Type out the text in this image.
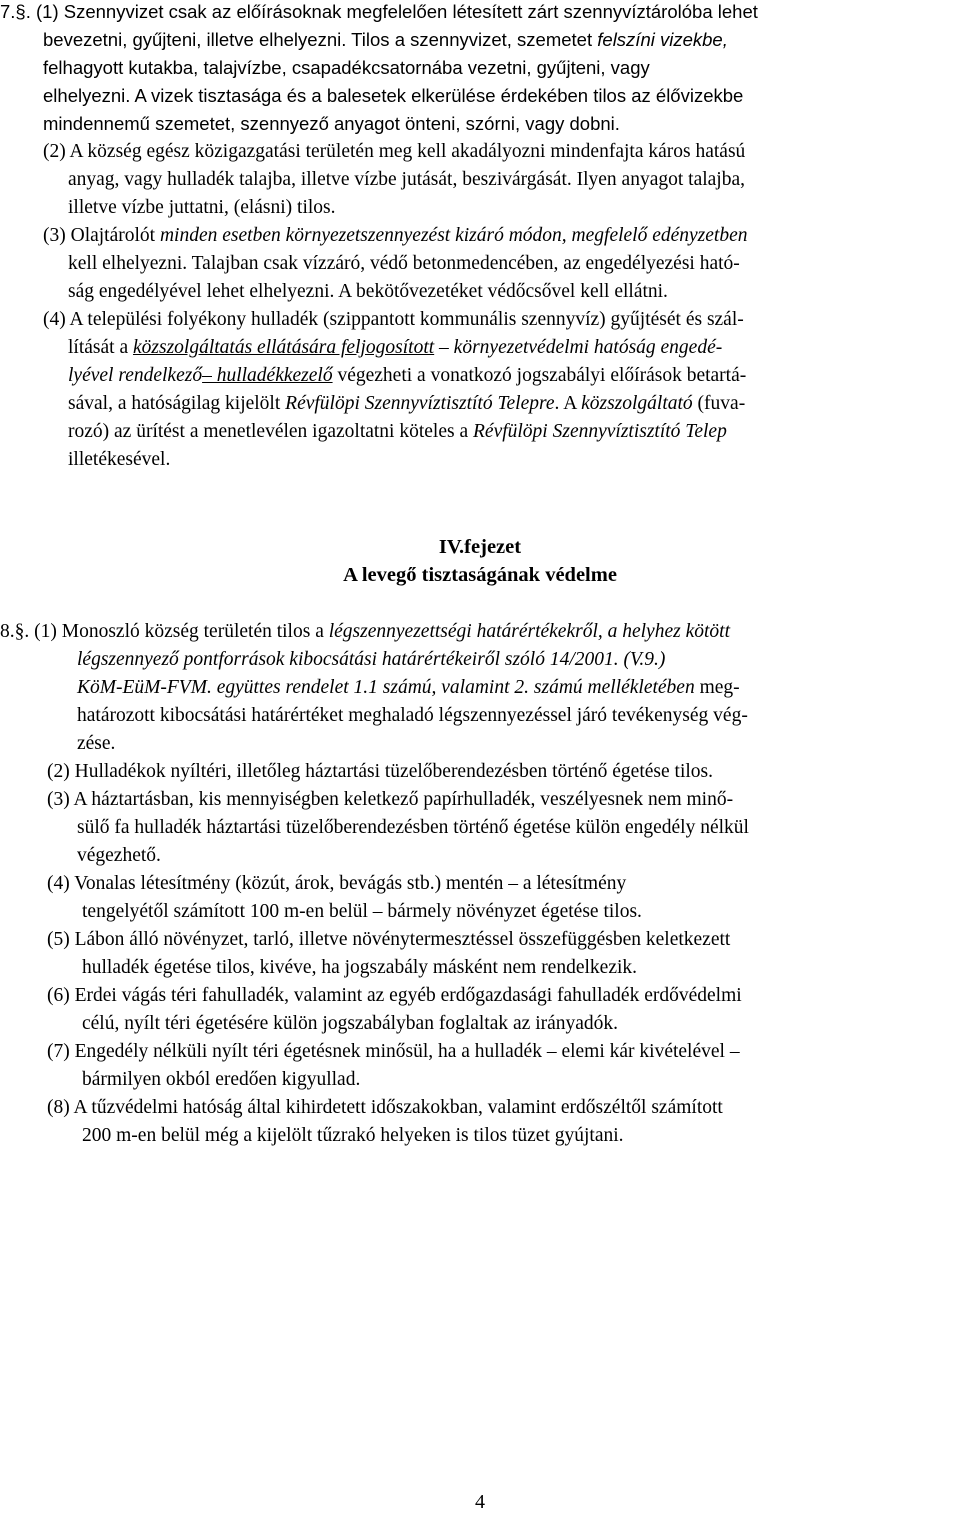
7.§. (1) Szennyvizet csak az előírásoknak megfelelően létesített zárt szennyvíztárolóba lehet
bevezetni, gyűjteni, illetve elhelyezni. Tilos a szennyvizet, szemetet felszíni vizekbe,
felhagyott kutakba, talajvízbe, csapadékcsatornába vezetni, gyűjteni, vagy
elhelyezni. A vizek tisztasága és a balesetek elkerülése érdekében tilos az élővizekbe
mindennemű szemetet, szennyező anyagot önteni, szórni, vagy dobni.
(2) A község egész közigazgatási területén meg kell akadályozni mindenfajta káros hatású
anyag, vagy hulladék talajba, illetve vízbe jutását, beszivárgását. Ilyen anyagot talajba,
illetve vízbe juttatni, (elásni) tilos.
(3) Olajtárolót minden esetben környezetszennyezést kizáró módon, megfelelő edényzetben
kell elhelyezni. Talajban csak vízzáró, védő betonmedencében, az engedélyezési ható-
ság engedélyével lehet elhelyezni. A bekötővezetéket védőcsővel kell ellátni.
(4) A települési folyékony hulladék (szippantott kommunális szennyvíz) gyűjtését és szál-
lítását a közszolgáltatás ellátására feljogosított – környezetvédelmi hatóság engedé-
lyével rendelkező– hulladékkezelő végezheti a vonatkozó jogszabályi előírások betartá-
sával, a hatóságilag kijelölt Révfülöpi Szennyvíztisztító Telepre. A közszolgáltató (fuva-
rozó) az ürítést a menetlevélen igazoltatni köteles a Révfülöpi Szennyvíztisztító Telep
illetékesével.
IV.fejezet
A levegő tisztaságának védelme
8.§. (1) Monoszló község területén tilos a légszennyezettségi határértékekről, a helyhez kötött
légszennyező pontforrások kibocsátási határértékeiről szóló 14/2001. (V.9.)
KöM-EüM-FVM. együttes rendelet 1.1 számú, valamint 2. számú mellékletében meg-
határozott kibocsátási határértéket meghaladó légszennyezéssel járó tevékenység vég-
zése.
(2) Hulladékok nyíltéri, illetőleg háztartási tüzelőberendezésben történő égetése tilos.
(3) A háztartásban, kis mennyiségben keletkező papírhulladék, veszélyesnek nem minő-
sülő fa hulladék háztartási tüzelőberendezésben történő égetése külön engedély nélkül
végezhető.
(4) Vonalas létesítmény (közút, árok, bevágás stb.) mentén – a létesítmény
tengelyétől számított 100 m-en belül – bármely növényzet égetése tilos.
(5) Lábon álló növényzet, tarló, illetve növénytermesztéssel összefüggésben keletkezett
hulladék égetése tilos, kivéve, ha jogszabály másként nem rendelkezik.
(6) Erdei vágás téri fahulladék, valamint az egyéb erdőgazdasági fahulladék erdővédelmi
célú, nyílt téri égetésére külön jogszabályban foglaltak az irányadók.
(7) Engedély nélküli nyílt téri égetésnek minősül, ha a hulladék – elemi kár kivételével –
bármilyen okból eredően kigyullad.
(8) A tűzvédelmi hatóság által kihirdetett időszakokban, valamint erdőszéltől számított
200 m-en belül még a kijelölt tűzrakó helyeken is tilos tüzet gyújtani.
4
